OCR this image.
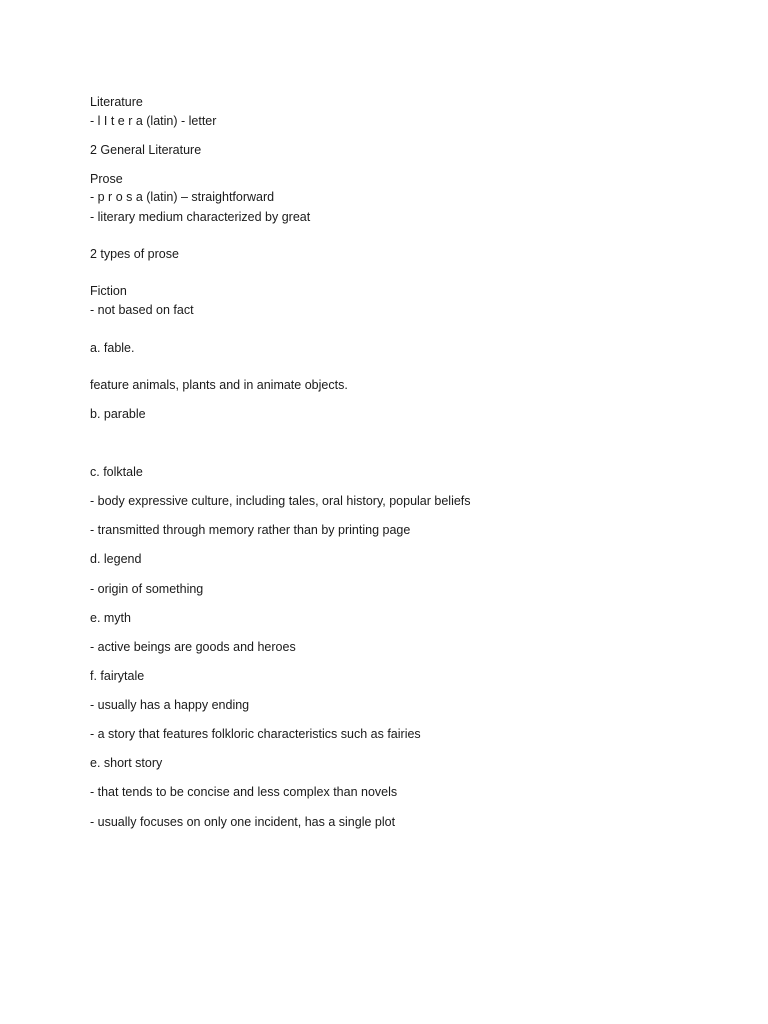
Literature
- l I t e r a (latin) - letter
2 General Literature
Prose
- p r o s a (latin) – straightforward
- literary medium characterized by great
2 types of prose
Fiction
- not based on fact
a. fable.
feature animals, plants and in animate objects.
b. parable
c. folktale
- body expressive culture, including tales, oral history, popular beliefs
- transmitted through memory rather than by printing page
d. legend
- origin of something
e. myth
- active beings are goods and heroes
f. fairytale
- usually has a happy ending
- a story that features folkloric characteristics such as fairies
e. short story
- that tends to be concise and less complex than novels
- usually focuses on only one incident, has a single plot
